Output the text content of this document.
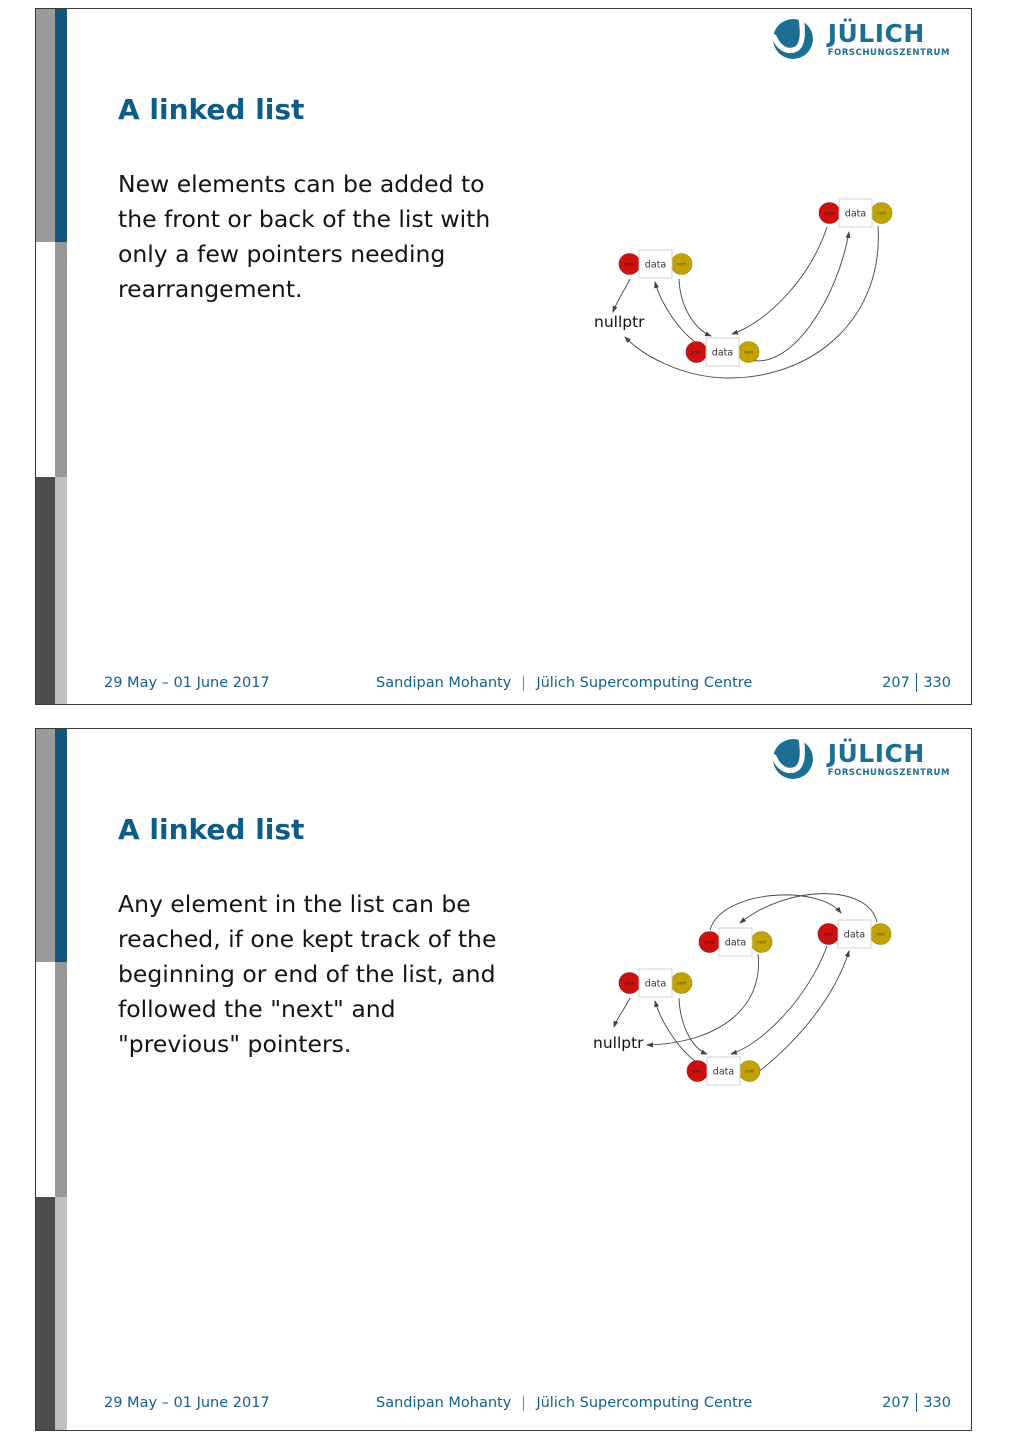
JÜLICH
FORSCHUNGSZENTRUM
A linked list
New elements can be added to
the front or back of the list with
only a few pointers needing
rearrangement.
data
prev	next
data
prev	next
data
prev	next
nullptr
29 May – 01 June 2017	Sandipan Mohanty Jülich Supercomputing Centre	207 330
JÜLICH
FORSCHUNGSZENTRUM
A linked list
Any element in the list can be
reached, if one kept track of the
beginning or end of the list, and
followed the "next" and
"previous" pointers.
data
prev	next
data
prev	next
data
prev	next
data
prev	next
nullptr
29 May – 01 June 2017	Sandipan Mohanty Jülich Supercomputing Centre	207 330
